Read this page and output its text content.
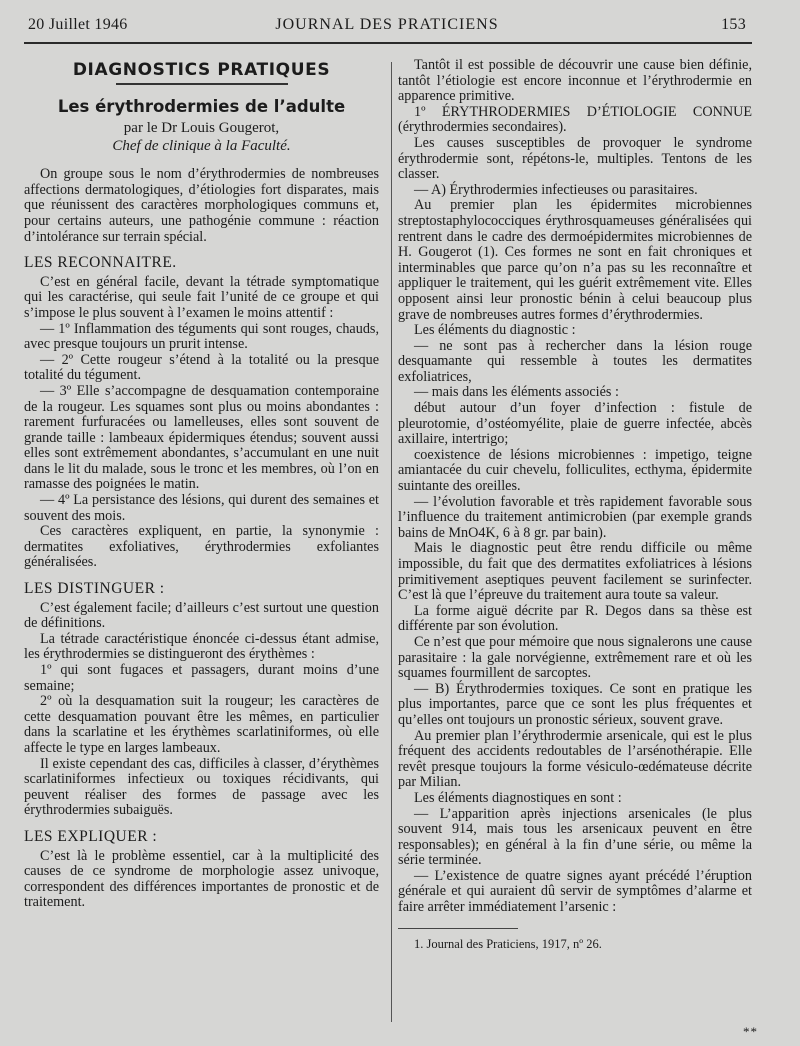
20 Juillet 1946	JOURNAL DES PRATICIENS	153
DIAGNOSTICS PRATIQUES
Les érythrodermies de l’adulte
par le Dr Louis Gougerot,
Chef de clinique à la Faculté.

On groupe sous le nom d’érythrodermies de nombreuses affections dermatologiques, d’étiologies fort disparates, mais que réunissent des caractères morphologiques communs et, pour certains auteurs, une pathogénie commune : réaction d’intolérance sur terrain spécial.

LES RECONNAITRE.

C’est en général facile, devant la tétrade symptomatique qui les caractérise, qui seule fait l’unité de ce groupe et qui s’impose le plus souvent à l’examen le moins attentif :

— 1º Inflammation des téguments qui sont rouges, chauds, avec presque toujours un prurit intense.

— 2º Cette rougeur s’étend à la totalité ou la presque totalité du tégument.

— 3º Elle s’accompagne de desquamation contemporaine de la rougeur. Les squames sont plus ou moins abondantes : rarement furfuracées ou lamelleuses, elles sont souvent de grande taille : lambeaux épidermiques étendus; souvent aussi elles sont extrêmement abondantes, s’accumulant en une nuit dans le lit du malade, sous le tronc et les membres, où l’on en ramasse des poignées le matin.

— 4º La persistance des lésions, qui durent des semaines et souvent des mois.

Ces caractères expliquent, en partie, la synonymie : dermatites exfoliatives, érythrodermies exfoliantes généralisées.

LES DISTINGUER :

C’est également facile; d’ailleurs c’est surtout une question de définitions.

La tétrade caractéristique énoncée ci-dessus étant admise, les érythrodermies se distingueront des érythèmes :

1º qui sont fugaces et passagers, durant moins d’une semaine;

2º où la desquamation suit la rougeur; les caractères de cette desquamation pouvant être les mêmes, en particulier dans la scarlatine et les érythèmes scarlatiniformes, où elle affecte le type en larges lambeaux.

Il existe cependant des cas, difficiles à classer, d’érythèmes scarlatiniformes infectieux ou toxiques récidivants, qui peuvent réaliser des formes de passage avec les érythrodermies subaiguës.

LES EXPLIQUER :

C’est là le problème essentiel, car à la multiplicité des causes de ce syndrome de morphologie assez univoque, correspondent des différences importantes de pronostic et de traitement.

Tantôt il est possible de découvrir une cause bien définie, tantôt l’étiologie est encore inconnue et l’érythrodermie en apparence primitive.

1º ÉRYTHRODERMIES D’ÉTIOLOGIE CONNUE (érythrodermies secondaires).

Les causes susceptibles de provoquer le syndrome érythrodermie sont, répétons-le, multiples. Tentons de les classer.

— A) Érythrodermies infectieuses ou parasitaires.

Au premier plan les épidermites microbiennes streptostaphylococciques érythrosquameuses généralisées qui rentrent dans le cadre des dermoépidermites microbiennes de H. Gougerot (1). Ces formes ne sont en fait chroniques et interminables que parce qu’on n’a pas su les reconnaître et appliquer le traitement, qui les guérit extrêmement vite. Elles opposent ainsi leur pronostic bénin à celui beaucoup plus grave de nombreuses autres formes d’érythrodermies.

Les éléments du diagnostic :

— ne sont pas à rechercher dans la lésion rouge desquamante qui ressemble à toutes les dermatites exfoliatrices,

— mais dans les éléments associés :

début autour d’un foyer d’infection : fistule de pleurotomie, d’ostéomyélite, plaie de guerre infectée, abcès axillaire, intertrigo;

coexistence de lésions microbiennes : impetigo, teigne amiantacée du cuir chevelu, folliculites, ecthyma, épidermite suintante des oreilles.

— l’évolution favorable et très rapidement favorable sous l’influence du traitement antimicrobien (par exemple grands bains de MnO4K, 6 à 8 gr. par bain).

Mais le diagnostic peut être rendu difficile ou même impossible, du fait que des dermatites exfoliatrices à lésions primitivement aseptiques peuvent facilement se surinfecter. C’est là que l’épreuve du traitement aura toute sa valeur.

La forme aiguë décrite par R. Degos dans sa thèse est différente par son évolution.

Ce n’est que pour mémoire que nous signalerons une cause parasitaire : la gale norvégienne, extrêmement rare et où les squames fourmillent de sarcoptes.

— B) Érythrodermies toxiques. Ce sont en pratique les plus importantes, parce que ce sont les plus fréquentes et qu’elles ont toujours un pronostic sérieux, souvent grave.

Au premier plan l’érythrodermie arsenicale, qui est le plus fréquent des accidents redoutables de l’arsénothérapie. Elle revêt presque toujours la forme vésiculo-œdémateuse décrite par Milian.

Les éléments diagnostiques en sont :

— L’apparition après injections arsenicales (le plus souvent 914, mais tous les arsenicaux peuvent en être responsables); en général à la fin d’une série, ou même la série terminée.

— L’existence de quatre signes ayant précédé l’éruption générale et qui auraient dû servir de symptômes d’alarme et faire arrêter immédiatement l’arsenic :

1. Journal des Praticiens, 1917, nº 26.

**
